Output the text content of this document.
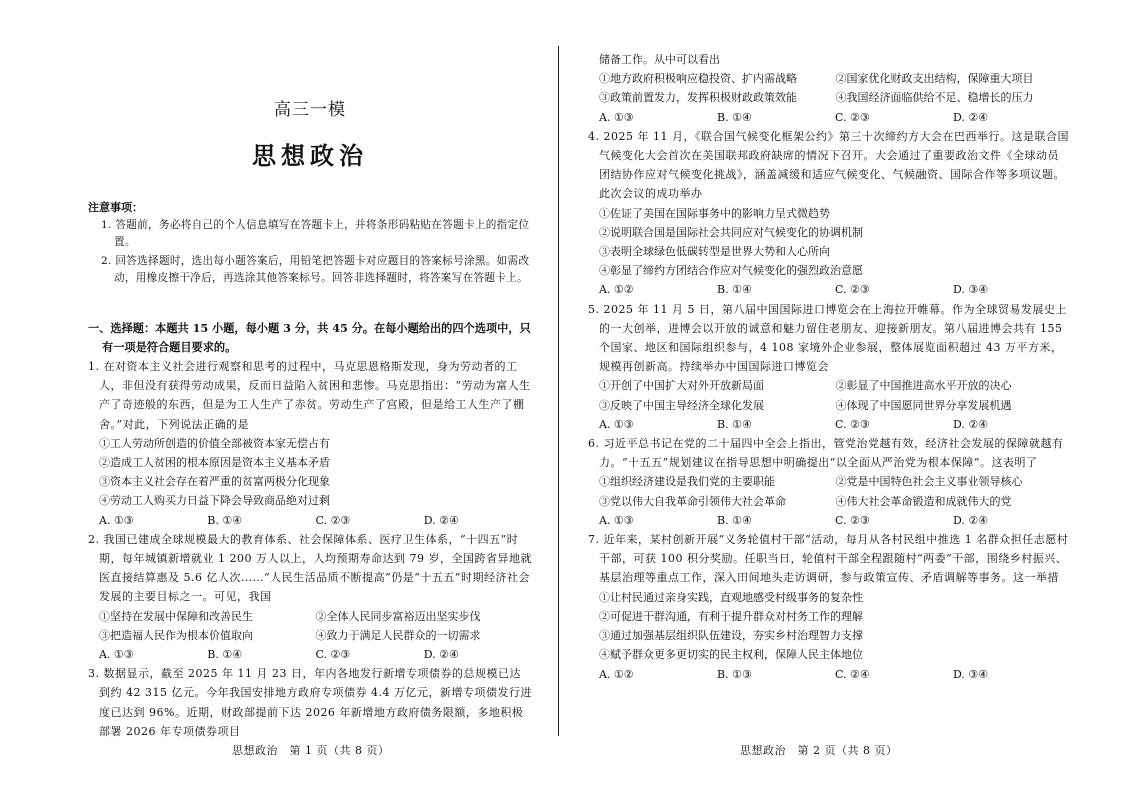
高三一模
思想政治
注意事项：
1. 答题前，务必将自己的个人信息填写在答题卡上，并将条形码粘贴在答题卡上的指定位置。
2. 回答选择题时，选出每小题答案后，用铅笔把答题卡对应题目的答案标号涂黑。如需改动，用橡皮擦干净后，再选涂其他答案标号。回答非选择题时，将答案写在答题卡上。
一、选择题：本题共 15 小题，每小题 3 分，共 45 分。在每小题给出的四个选项中，只有一项是符合题目要求的。
1. 在对资本主义社会进行观察和思考的过程中，马克思恩格斯发现，身为劳动者的工人，非但没有获得劳动成果，反而日益陷入贫困和悲惨。马克思指出：“劳动为富人生产了奇迹般的东西，但是为工人生产了赤贫。劳动生产了宫殿，但是给工人生产了棚舍。”对此，下列说法正确的是
①工人劳动所创造的价值全部被资本家无偿占有
②造成工人贫困的根本原因是资本主义基本矛盾
③资本主义社会存在着严重的贫富两极分化现象
④劳动工人购买力日益下降会导致商品绝对过剩
A. ①③	B. ①④	C. ②③	D. ②④
2. 我国已建成全球规模最大的教育体系、社会保障体系、医疗卫生体系，“十四五”时期，每年城镇新增就业 1 200 万人以上，人均预期寿命达到 79 岁，全国跨省异地就医直接结算惠及 5.6 亿人次……“人民生活品质不断提高”仍是“十五五”时期经济社会发展的主要目标之一。可见，我国
①坚持在发展中保障和改善民生	②全体人民同步富裕迈出坚实步伐
③把造福人民作为根本价值取向	④致力于满足人民群众的一切需求
A. ①③	B. ①④	C. ②③	D. ②④
3. 数据显示，截至 2025 年 11 月 23 日，年内各地发行新增专项债券的总规模已达到约 42 315 亿元。今年我国安排地方政府专项债券 4.4 万亿元，新增专项债发行进度已达到 96%。近期，财政部提前下达 2026 年新增地方政府债务限额，多地积极部署 2026 年专项债券项目
思想政治　第 1 页（共 8 页）
储备工作。从中可以看出
①地方政府积极响应稳投资、扩内需战略	②国家优化财政支出结构，保障重大项目
③政策前置发力，发挥积极财政政策效能	④我国经济面临供给不足、稳增长的压力
A. ①③	B. ①④	C. ②③	D. ②④
4. 2025 年 11 月，《联合国气候变化框架公约》第三十次缔约方大会在巴西举行。这是联合国气候变化大会首次在美国联邦政府缺席的情况下召开。大会通过了重要政治文件《全球动员 团结协作应对气候变化挑战》，涵盖减缓和适应气候变化、气候融资、国际合作等多项议题。此次会议的成功举办
①佐证了美国在国际事务中的影响力呈式微趋势
②说明联合国是国际社会共同应对气候变化的协调机制
③表明全球绿色低碳转型是世界大势和人心所向
④彰显了缔约方团结合作应对气候变化的强烈政治意愿
A. ①②	B. ①④	C. ②③	D. ③④
5. 2025 年 11 月 5 日，第八届中国国际进口博览会在上海拉开帷幕。作为全球贸易发展史上的一大创举，进博会以开放的诚意和魅力留住老朋友、迎接新朋友。第八届进博会共有 155 个国家、地区和国际组织参与，4 108 家境外企业参展，整体展览面积超过 43 万平方米，规模再创新高。持续举办中国国际进口博览会
①开创了中国扩大对外开放新局面	②彰显了中国推进高水平开放的决心
③反映了中国主导经济全球化发展	④体现了中国愿同世界分享发展机遇
A. ①③	B. ①④	C. ②③	D. ②④
6. 习近平总书记在党的二十届四中全会上指出，管党治党越有效，经济社会发展的保障就越有力。“十五五”规划建议在指导思想中明确提出“以全面从严治党为根本保障”。这表明了
①组织经济建设是我们党的主要职能	②党是中国特色社会主义事业领导核心
③党以伟大自我革命引领伟大社会革命	④伟大社会革命锻造和成就伟大的党
A. ①③	B. ①④	C. ②③	D. ②④
7. 近年来，某村创新开展“义务轮值村干部”活动，每月从各村民组中推选 1 名群众担任志愿村干部，可获 100 积分奖励。任职当日，轮值村干部全程跟随村“两委”干部，围绕乡村振兴、基层治理等重点工作，深入田间地头走访调研，参与政策宣传、矛盾调解等事务。这一举措
①让村民通过亲身实践，直观地感受村级事务的复杂性
②可促进干群沟通，有利于提升群众对村务工作的理解
③通过加强基层组织队伍建设，夯实乡村治理智力支撑
④赋予群众更多更切实的民主权利，保障人民主体地位
A. ①②	B. ①③	C. ②④	D. ③④
思想政治　第 2 页（共 8 页）
